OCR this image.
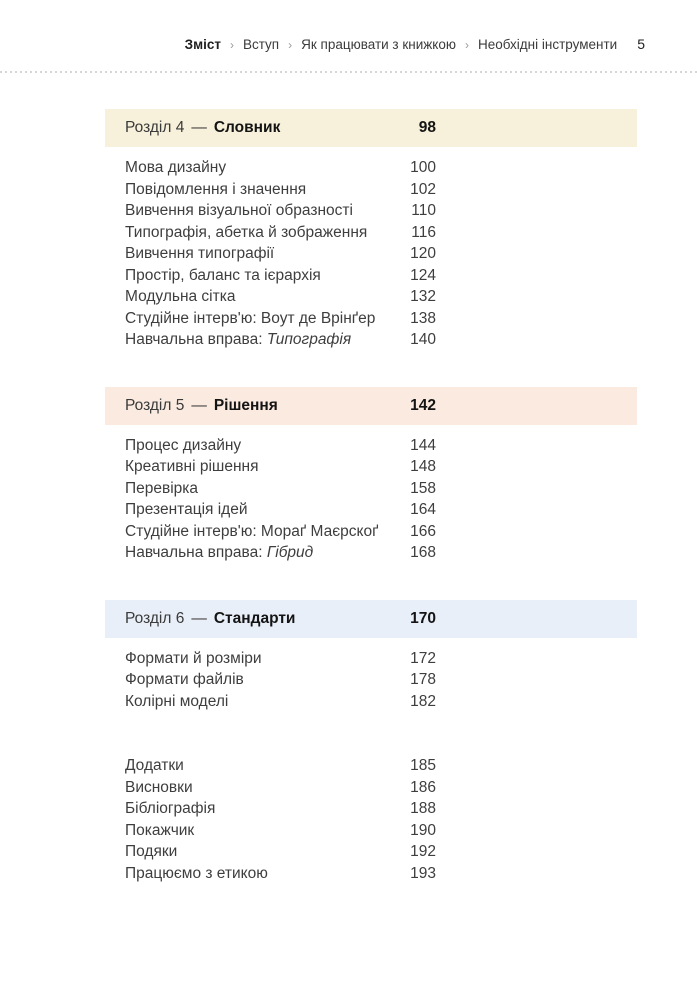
Зміст › Вступ › Як працювати з книжкою › Необхідні інструменти 5
Розділ 4 — Словник	98
Мова дизайну	100
Повідомлення і значення	102
Вивчення візуальної образності	110
Типографія, абетка й зображення	116
Вивчення типографії	120
Простір, баланс та ієрархія	124
Модульна сітка	132
Студійне інтерв'ю: Воут де Врінґер	138
Навчальна вправа: Типографія	140
Розділ 5 — Рішення	142
Процес дизайну	144
Креативні рішення	148
Перевірка	158
Презентація ідей	164
Студійне інтерв'ю: Мораґ Маєрскоґ	166
Навчальна вправа: Гібрид	168
Розділ 6 — Стандарти	170
Формати й розміри	172
Формати файлів	178
Колірні моделі	182
Додатки	185
Висновки	186
Бібліографія	188
Покажчик	190
Подяки	192
Працюємо з етикою	193
